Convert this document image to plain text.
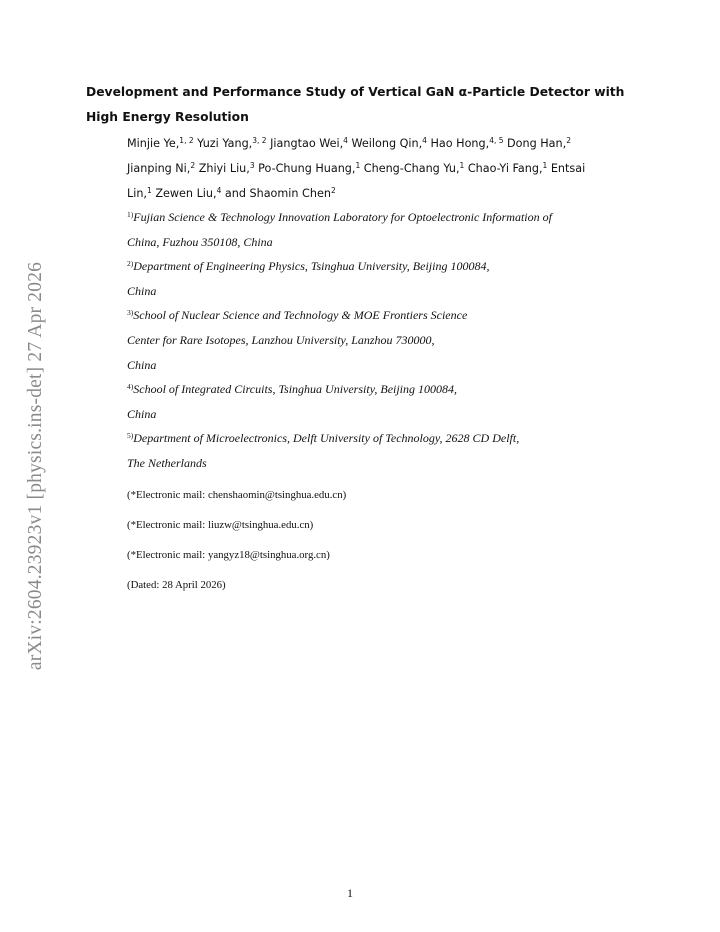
arXiv:2604.23923v1 [physics.ins-det] 27 Apr 2026
Development and Performance Study of Vertical GaN α-Particle Detector with
High Energy Resolution
Minjie Ye,$^{1, 2}$ Yuzi Yang,$^{3, 2}$ Jiangtao Wei,$^4$ Weilong Qin,$^4$ Hao Hong,$^{4, 5}$ Dong Han,$^2$
Jianping Ni,$^2$ Zhiyi Liu,$^3$ Po-Chung Huang,$^1$ Cheng-Chang Yu,$^1$ Chao-Yi Fang,$^1$ Entsai
Lin,$^1$ Zewen Liu,$^4$ and Shaomin Chen$^2$
$^{1)}$Fujian Science & Technology Innovation Laboratory for Optoelectronic Information of
China, Fuzhou 350108, China
$^{2)}$Department of Engineering Physics, Tsinghua University, Beijing 100084,
China
$^{3)}$School of Nuclear Science and Technology & MOE Frontiers Science
Center for Rare Isotopes, Lanzhou University, Lanzhou 730000,
China
$^{4)}$School of Integrated Circuits, Tsinghua University, Beijing 100084,
China
$^{5)}$Department of Microelectronics, Delft University of Technology, 2628 CD Delft,
The Netherlands
(*Electronic mail: chenshaomin@tsinghua.edu.cn)
(*Electronic mail: liuzw@tsinghua.edu.cn)
(*Electronic mail: yangyz18@tsinghua.org.cn)
(Dated: 28 April 2026)
1
